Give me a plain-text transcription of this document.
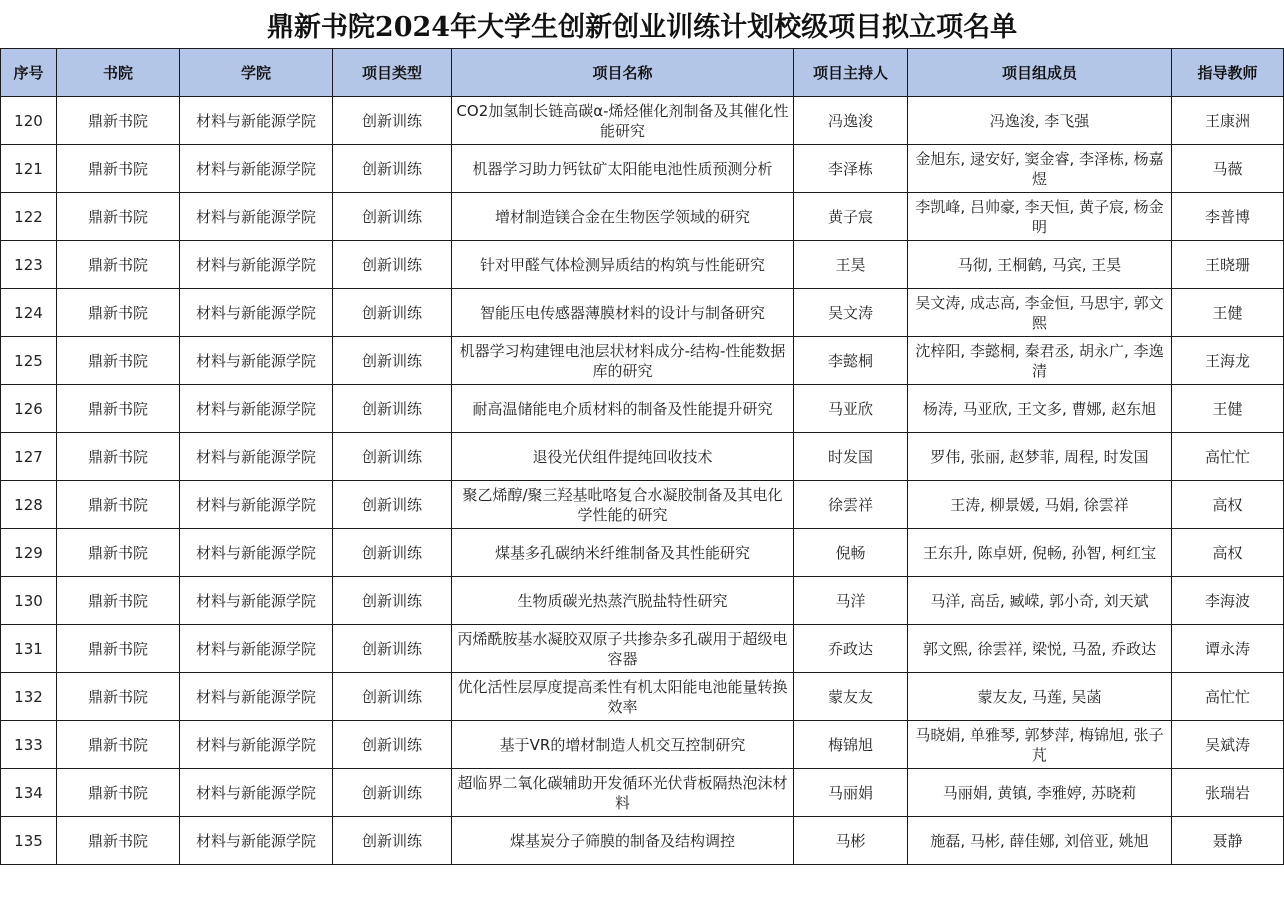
鼎新书院2024年大学生创新创业训练计划校级项目拟立项名单
序号	书院	学院	项目类型	项目名称	项目主持人	项目组成员	指导教师
120	鼎新书院	材料与新能源学院	创新训练	CO2加氢制长链高碳α-烯烃催化剂制备及其催化性能研究	冯逸浚	冯逸浚, 李飞强	王康洲
121	鼎新书院	材料与新能源学院	创新训练	机器学习助力钙钛矿太阳能电池性质预测分析	李泽栋	金旭东, 逯安好, 窦金睿, 李泽栋, 杨嘉煜	马薇
122	鼎新书院	材料与新能源学院	创新训练	增材制造镁合金在生物医学领域的研究	黄子宸	李凯峰, 吕帅豪, 李天恒, 黄子宸, 杨金明	李普博
123	鼎新书院	材料与新能源学院	创新训练	针对甲醛气体检测异质结的构筑与性能研究	王昊	马彻, 王桐鹤, 马宾, 王昊	王晓珊
124	鼎新书院	材料与新能源学院	创新训练	智能压电传感器薄膜材料的设计与制备研究	吴文涛	吴文涛, 成志高, 李金恒, 马思宇, 郭文熙	王健
125	鼎新书院	材料与新能源学院	创新训练	机器学习构建锂电池层状材料成分-结构-性能数据库的研究	李懿桐	沈梓阳, 李懿桐, 秦君丞, 胡永广, 李逸清	王海龙
126	鼎新书院	材料与新能源学院	创新训练	耐高温储能电介质材料的制备及性能提升研究	马亚欣	杨涛, 马亚欣, 王文多, 曹娜, 赵东旭	王健
127	鼎新书院	材料与新能源学院	创新训练	退役光伏组件提纯回收技术	时发国	罗伟, 张丽, 赵梦菲, 周程, 时发国	高忙忙
128	鼎新书院	材料与新能源学院	创新训练	聚乙烯醇/聚三羟基吡咯复合水凝胶制备及其电化学性能的研究	徐雲祥	王涛, 柳景媛, 马娟, 徐雲祥	高权
129	鼎新书院	材料与新能源学院	创新训练	煤基多孔碳纳米纤维制备及其性能研究	倪畅	王东升, 陈卓妍, 倪畅, 孙智, 柯红宝	高权
130	鼎新书院	材料与新能源学院	创新训练	生物质碳光热蒸汽脱盐特性研究	马洋	马洋, 高岳, 臧嵘, 郭小奇, 刘天斌	李海波
131	鼎新书院	材料与新能源学院	创新训练	丙烯酰胺基水凝胶双原子共掺杂多孔碳用于超级电容器	乔政达	郭文熙, 徐雲祥, 梁悦, 马盈, 乔政达	谭永涛
132	鼎新书院	材料与新能源学院	创新训练	优化活性层厚度提高柔性有机太阳能电池能量转换效率	蒙友友	蒙友友, 马莲, 吴菡	高忙忙
133	鼎新书院	材料与新能源学院	创新训练	基于VR的增材制造人机交互控制研究	梅锦旭	马晓娟, 单雅琴, 郭梦萍, 梅锦旭, 张子芃	吴斌涛
134	鼎新书院	材料与新能源学院	创新训练	超临界二氧化碳辅助开发循环光伏背板隔热泡沫材料	马丽娟	马丽娟, 黄镇, 李雅婷, 苏晓莉	张瑞岩
135	鼎新书院	材料与新能源学院	创新训练	煤基炭分子筛膜的制备及结构调控	马彬	施磊, 马彬, 薛佳娜, 刘倍亚, 姚旭	聂静
